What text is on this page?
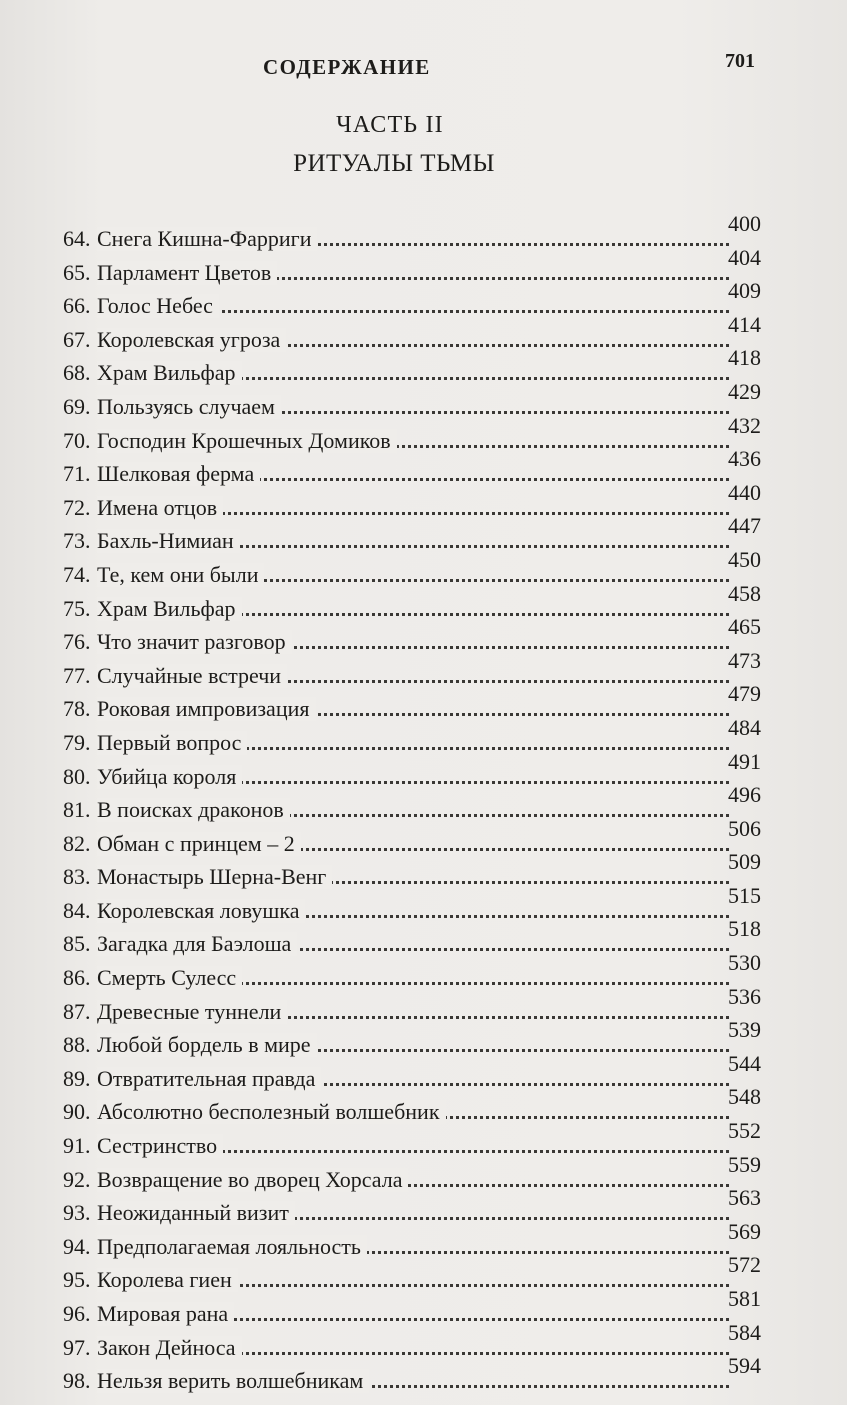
СОДЕРЖАНИЕ	701
ЧАСТЬ II
РИТУАЛЫ ТЬМЫ
64. Снега Кишна-Фарриги
400
65. Парламент Цветов
404
66. Голос Небес
409
67. Королевская угроза
414
68. Храм Вильфар
418
69. Пользуясь случаем
429
70. Господин Крошечных Домиков
432
71. Шелковая ферма
436
72. Имена отцов
440
73. Бахль-Нимиан
447
74. Те, кем они были
450
75. Храм Вильфар
458
76. Что значит разговор
465
77. Случайные встречи
473
78. Роковая импровизация
479
79. Первый вопрос
484
80. Убийца короля
491
81. В поисках драконов
496
82. Обман с принцем – 2
506
83. Монастырь Шерна-Венг
509
84. Королевская ловушка
515
85. Загадка для Баэлоша
518
86. Смерть Сулесс
530
87. Древесные туннели
536
88. Любой бордель в мире
539
89. Отвратительная правда
544
90. Абсолютно бесполезный волшебник
548
91. Сестринство
552
92. Возвращение во дворец Хорсала
559
93. Неожиданный визит
563
94. Предполагаемая лояльность
569
95. Королева гиен
572
96. Мировая рана
581
97. Закон Дейноса
584
98. Нельзя верить волшебникам
594
